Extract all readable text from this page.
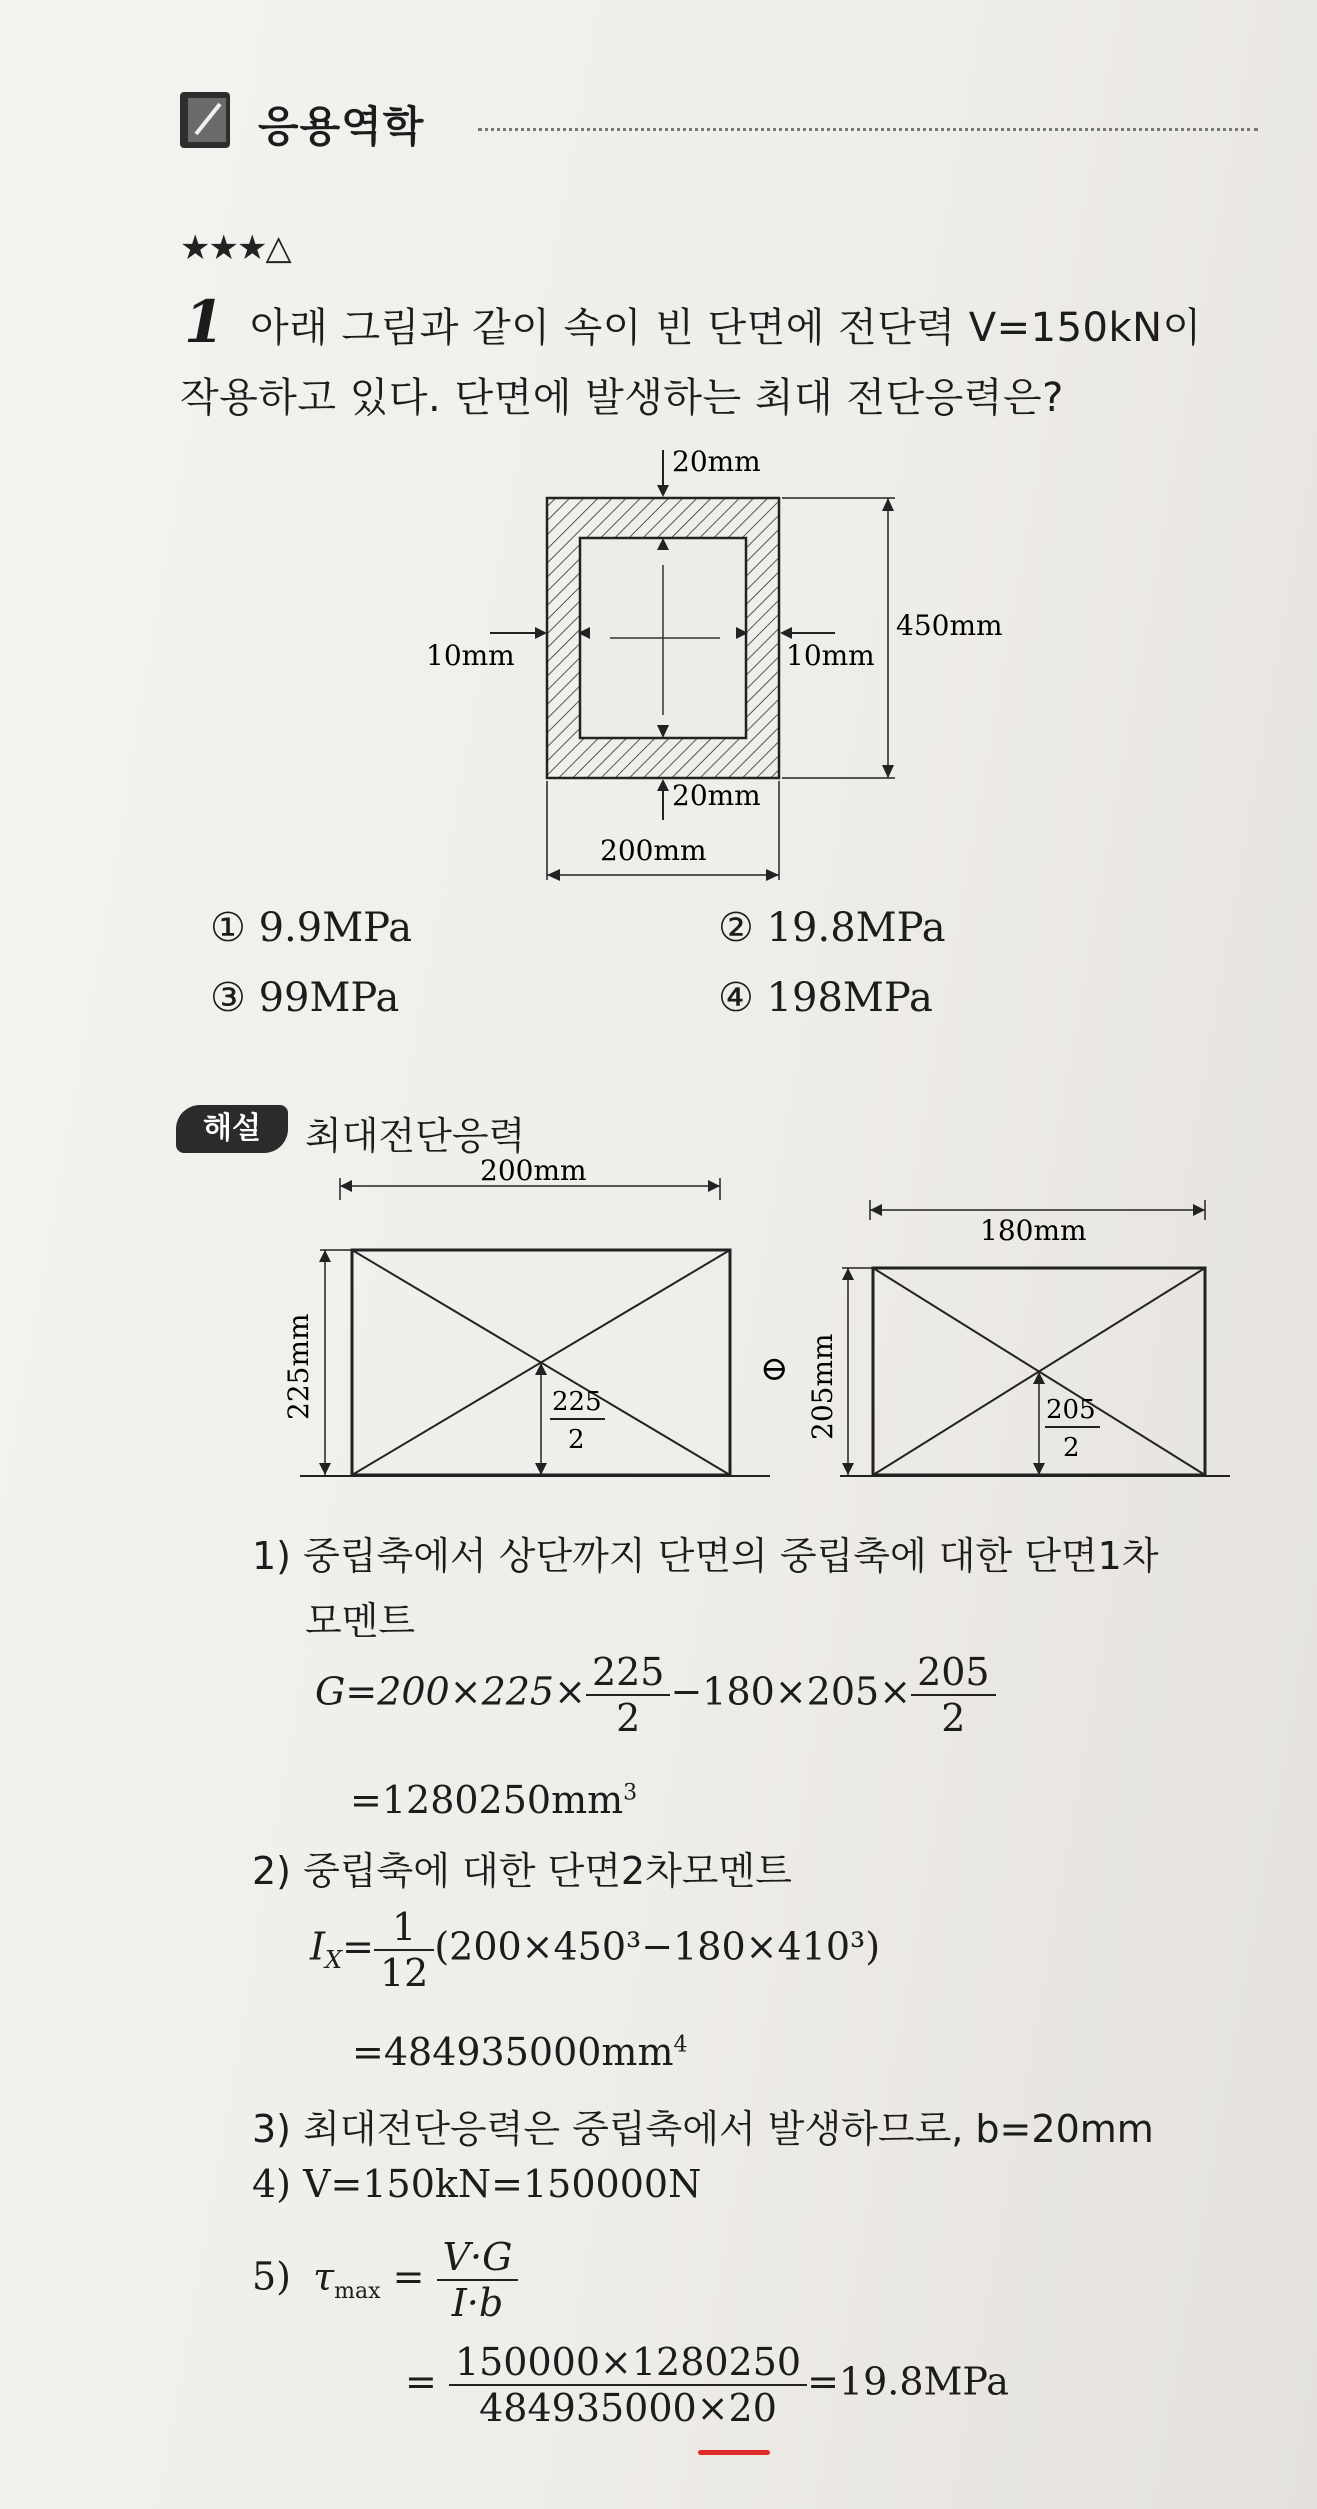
응용역학
★★★△
1 아래 그림과 같이 속이 빈 단면에 전단력 V=150kN이
작용하고 있다. 단면에 발생하는 최대 전단응력은?
20mm
10mm	10mm
450mm
20mm
200mm
① 9.9MPa	② 19.8MPa
③ 99MPa	④ 198MPa
해설	최대전단응력
200mm
225mm	225
2
⊖
180mm
205mm	205
2
1) 중립축에서 상단까지 단면의 중립축에 대한 단면1차
모멘트
$G=200\times 225\times \frac{225}{2} -180\times 205\times \frac{205}{2}$
$=1280250mm^3$
2) 중립축에 대한 단면2차모멘트
$I_X= \frac{1}{12} (200\times 450^3-180\times 410^3)$
$=484935000mm^4$
3) 최대전단응력은 중립축에서 발생하므로, b=20mm
4) V=150kN=150000N
5) $\tau_{max} = \frac{V\cdot G}{I\cdot b}$
= $\frac{150000\times 1280250}{484935000\times 20} =19.8MPa$
